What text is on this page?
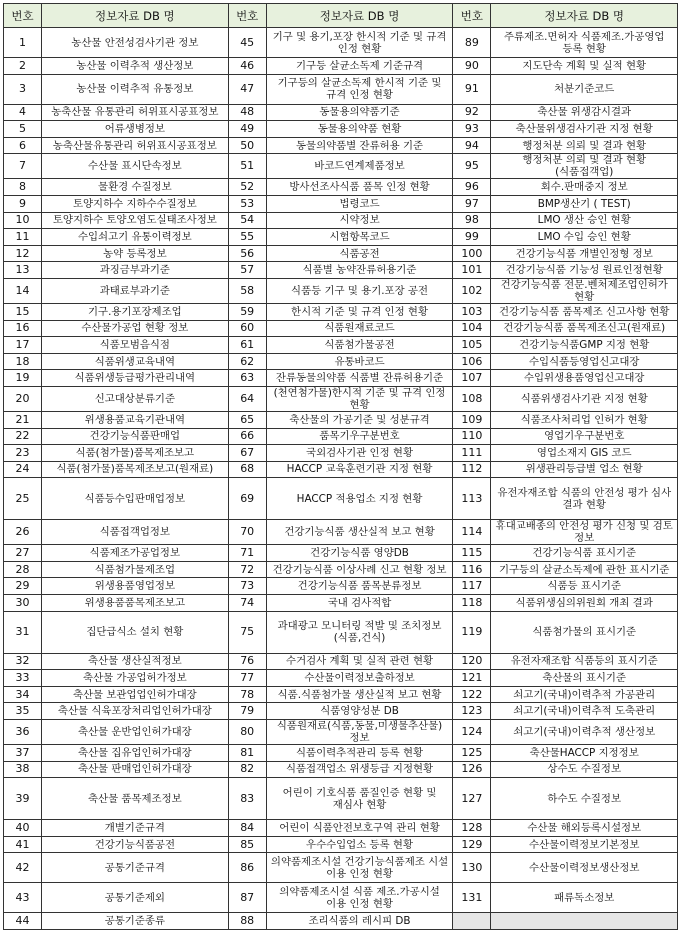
번호	정보자료 DB 명	번호	정보자료 DB 명	번호	정보자료 DB 명
1	농산물 안전성검사기관 정보	45	기구 및 용기,포장 한시적 기준 및 규격 인정 현황	89	주류제조.면허자 식품제조.가공영업 등록 현황
2	농산물 이력추적 생산정보	46	기구등 살균소독제 기준규격	90	지도단속 계획 및 실적 현황
3	농산물 이력추적 유통정보	47	기구등의 살균소독제 한시적 기준 및 규격 인정 현황	91	처분기준코드
4	농축산물 유통관리 허위표시공표정보	48	동물용의약품기준	92	축산물 위생감시결과
5	어류생병정보	49	동물용의약품 현황	93	축산물위생검사기관 지정 현황
6	농축산물유통관리 허위표시공표정보	50	동물의약품별 잔류허용 기준	94	행정처분 의뢰 및 결과 현황
7	수산물 표시단속정보	51	바코드연계제품정보	95	행정처분 의뢰 및 결과 현황(식품접객업)
8	물환경 수질정보	52	방사선조사식품 품목 인정 현황	96	회수.판매중지 정보
9	토양지하수 지하수수질정보	53	법령코드	97	BMP생산기 ( TEST)
10	토양지하수 토양오염도실태조사정보	54	시약정보	98	LMO 생산 승인 현황
11	수입쇠고기 유통이력정보	55	시험항목코드	99	LMO 수입 승인 현황
12	농약 등록정보	56	식품공전	100	건강기능식품 개별인정형 정보
13	과징금부과기준	57	식품별 농약잔류허용기준	101	건강기능식품 기능성 원료인정현황
14	과태료부과기준	58	식품등 기구 및 용기.포장 공전	102	건강기능식품 전문.벤처제조업인허가 현황
15	기구.용기포장제조업	59	한시적 기준 및 규격 인정 현황	103	건강기능식품 품목제조 신고사항 현황
16	수산물가공업 현황 정보	60	식품원재료코드	104	건강기능식품 품목제조신고(원재료)
17	식품모범음식점	61	식품첨가물공전	105	건강기능식품GMP 지정 현황
18	식품위생교육내역	62	유통바코드	106	수입식품등영업신고대장
19	식품위생등급평가관리내역	63	잔류동물의약품 식품별 잔류허용기준	107	수입위생용품영업신고대장
20	신고대상분류기준	64	(천연첨가물)한시적 기준 및 규격 인정 현황	108	식품위생검사기관 지정 현황
21	위생용품교육기관내역	65	축산물의 가공기준 및 성분규격	109	식품조사처리업 인허가 현황
22	건강기능식품판매업	66	품목기우구분번호	110	영업기우구분번호
23	식품(첨가물)품목제조보고	67	국외검사기관 인정 현황	111	영업소재지 GIS 코드
24	식품(첨가물)품목제조보고(원재료)	68	HACCP 교육훈련기관 지정 현황	112	위생관리등급별 업소 현황
25	식품등수입판매업정보	69	HACCP 적용업소 지정 현황	113	유전자재조합 식품의 안전성 평가 심사 결과 현황
26	식품접객업정보	70	건강기능식품 생산실적 보고 현황	114	휴대교배종의 안전성 평가 신청 및 검토 정보
27	식품제조가공업정보	71	건강기능식품 영양DB	115	건강기능식품 표시기준
28	식품첨가물제조업	72	건강기능식품 이상사례 신고 현황 정보	116	기구등의 살균소독제에 관한 표시기준
29	위생용품영업정보	73	건강기능식품 품목분류정보	117	식품등 표시기준
30	위생용품품목제조보고	74	국내 검사적합	118	식품위생심의위원회 개최 결과
31	집단급식소 설치 현황	75	과대광고 모니터링 적발 및 조치정보(식품,건식)	119	식품첨가물의 표시기준
32	축산물 생산실적정보	76	수거검사 계획 및 실적 관련 현황	120	유전자재조합 식품등의 표시기준
33	축산물 가공업허가정보	77	수산물이력정보출하정보	121	축산물의 표시기준
34	축산물 보관업업인허가대장	78	식품.식품첨가물 생산실적 보고 현황	122	쇠고기(국내)이력추적 가공관리
35	축산물 식육포장처리업인허가대장	79	식품영양성분 DB	123	쇠고기(국내)이력추적 도축관리
36	축산물 운반업인허가대장	80	식품원재료(식품,동물,미생물추산물) 정보	124	쇠고기(국내)이력추적 생산정보
37	축산물 집유업인허가대장	81	식품이력추적관리 등록 현황	125	축산물HACCP 지정정보
38	축산물 판매업인허가대장	82	식품접객업소 위생등급 지정현황	126	상수도 수질정보
39	축산물 품목제조정보	83	어린이 기호식품 품질인증 현황 및 재심사 현황	127	하수도 수질정보
40	개별기준규격	84	어린이 식품안전보호구역 관리 현황	128	수산물 해외등록시설정보
41	건강기능식품공전	85	우수수입업소 등록 현황	129	수산물이력정보기본정보
42	공통기준규격	86	의약품제조시설 건강기능식품제조 시설 이용 인정 현황	130	수산물이력정보생산정보
43	공통기준제외	87	의약품제조시설 식품 제조.가공시설 이용 인정 현황	131	패류독소정보
44	공통기준종류	88	조리식품의 레시피 DB		
